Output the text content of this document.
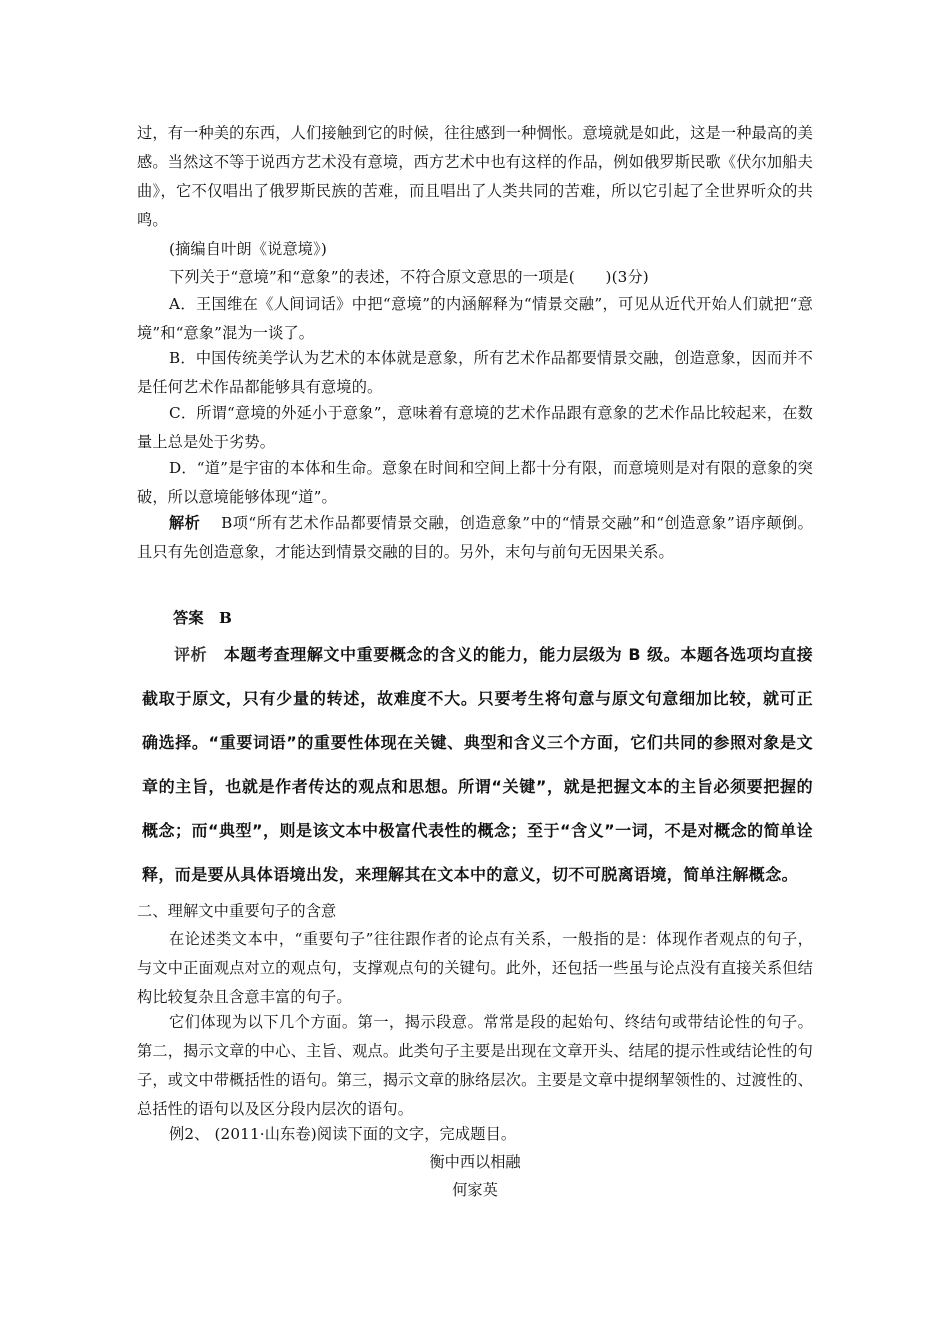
过，有一种美的东西，人们接触到它的时候，往往感到一种惆怅。意境就是如此，这是一种最高的美感。当然这不等于说西方艺术没有意境，西方艺术中也有这样的作品，例如俄罗斯民歌《伏尔加船夫曲》，它不仅唱出了俄罗斯民族的苦难，而且唱出了人类共同的苦难，所以它引起了全世界听众的共鸣。

(摘编自叶朗《说意境》)

下列关于“意境”和“意象”的表述，不符合原文意思的一项是(　　)(3分)

A．王国维在《人间词话》中把“意境”的内涵解释为“情景交融”，可见从近代开始人们就把“意境”和“意象”混为一谈了。

B．中国传统美学认为艺术的本体就是意象，所有艺术作品都要情景交融，创造意象，因而并不是任何艺术作品都能够具有意境的。

C．所谓“意境的外延小于意象”，意味着有意境的艺术作品跟有意象的艺术作品比较起来，在数量上总是处于劣势。

D．“道”是宇宙的本体和生命。意象在时间和空间上都十分有限，而意境则是对有限的意象的突破，所以意境能够体现“道”。

解析　 B项“所有艺术作品都要情景交融，创造意象”中的“情景交融”和“创造意象”语序颠倒。且只有先创造意象，才能达到情景交融的目的。另外，末句与前句无因果关系。

答案　 B

评析　 本题考查理解文中重要概念的含义的能力，能力层级为 B 级。本题各选项均直接截取于原文，只有少量的转述，故难度不大。只要考生将句意与原文句意细加比较，就可正确选择。“重要词语”的重要性体现在关键、典型和含义三个方面，它们共同的参照对象是文章的主旨，也就是作者传达的观点和思想。所谓“关键”，就是把握文本的主旨必须要把握的概念；而“典型”，则是该文本中极富代表性的概念；至于“含义”一词，不是对概念的简单诠释，而是要从具体语境出发，来理解其在文本中的意义，切不可脱离语境，简单注解概念。

二、理解文中重要句子的含意

在论述类文本中，“重要句子”往往跟作者的论点有关系，一般指的是：体现作者观点的句子，与文中正面观点对立的观点句，支撑观点句的关键句。此外，还包括一些虽与论点没有直接关系但结构比较复杂且含意丰富的句子。

它们体现为以下几个方面。第一，揭示段意。常常是段的起始句、终结句或带结论性的句子。第二，揭示文章的中心、主旨、观点。此类句子主要是出现在文章开头、结尾的提示性或结论性的句子，或文中带概括性的语句。第三，揭示文章的脉络层次。主要是文章中提纲挈领性的、过渡性的、总括性的语句以及区分段内层次的语句。

例2、 (2011·山东卷)阅读下面的文字，完成题目。

衡中西以相融

何家英
